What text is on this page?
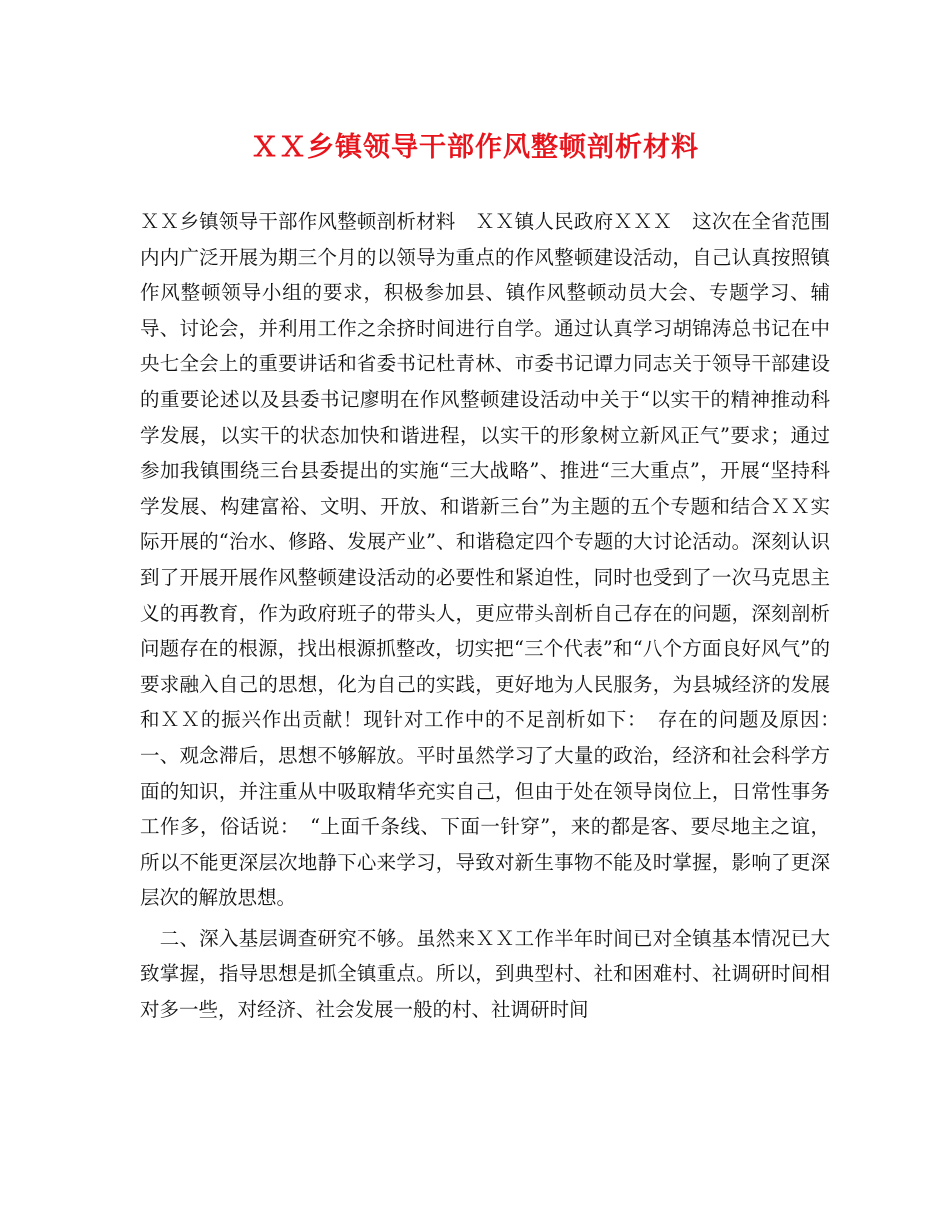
ＸＸ乡镇领导干部作风整顿剖析材料

ＸＸ乡镇领导干部作风整顿剖析材料　ＸＸ镇人民政府ＸＸＸ　这次在全省范围内内广泛开展为期三个月的以领导为重点的作风整顿建设活动，自己认真按照镇作风整顿领导小组的要求，积极参加县、镇作风整顿动员大会、专题学习、辅导、讨论会，并利用工作之余挤时间进行自学。通过认真学习胡锦涛总书记在中央七全会上的重要讲话和省委书记杜青林、市委书记谭力同志关于领导干部建设的重要论述以及县委书记廖明在作风整顿建设活动中关于“以实干的精神推动科学发展，以实干的状态加快和谐进程，以实干的形象树立新风正气”要求；通过参加我镇围绕三台县委提出的实施“三大战略”、推进“三大重点”，开展“坚持科学发展、构建富裕、文明、开放、和谐新三台”为主题的五个专题和结合ＸＸ实际开展的“治水、修路、发展产业”、和谐稳定四个专题的大讨论活动。深刻认识到了开展开展作风整顿建设活动的必要性和紧迫性，同时也受到了一次马克思主义的再教育，作为政府班子的带头人，更应带头剖析自己存在的问题，深刻剖析问题存在的根源，找出根源抓整改，切实把“三个代表”和“八个方面良好风气”的要求融入自己的思想，化为自己的实践，更好地为人民服务，为县城经济的发展和ＸＸ的振兴作出贡献！现针对工作中的不足剖析如下：　存在的问题及原因：　一、观念滞后，思想不够解放。平时虽然学习了大量的政治，经济和社会科学方面的知识，并注重从中吸取精华充实自己，但由于处在领导岗位上，日常性事务工作多，俗话说：　“上面千条线、下面一针穿”，来的都是客、要尽地主之谊，所以不能更深层次地静下心来学习，导致对新生事物不能及时掌握，影响了更深层次的解放思想。

　二、深入基层调查研究不够。虽然来ＸＸ工作半年时间已对全镇基本情况已大致掌握，指导思想是抓全镇重点。所以，到典型村、社和困难村、社调研时间相对多一些，对经济、社会发展一般的村、社调研时间
